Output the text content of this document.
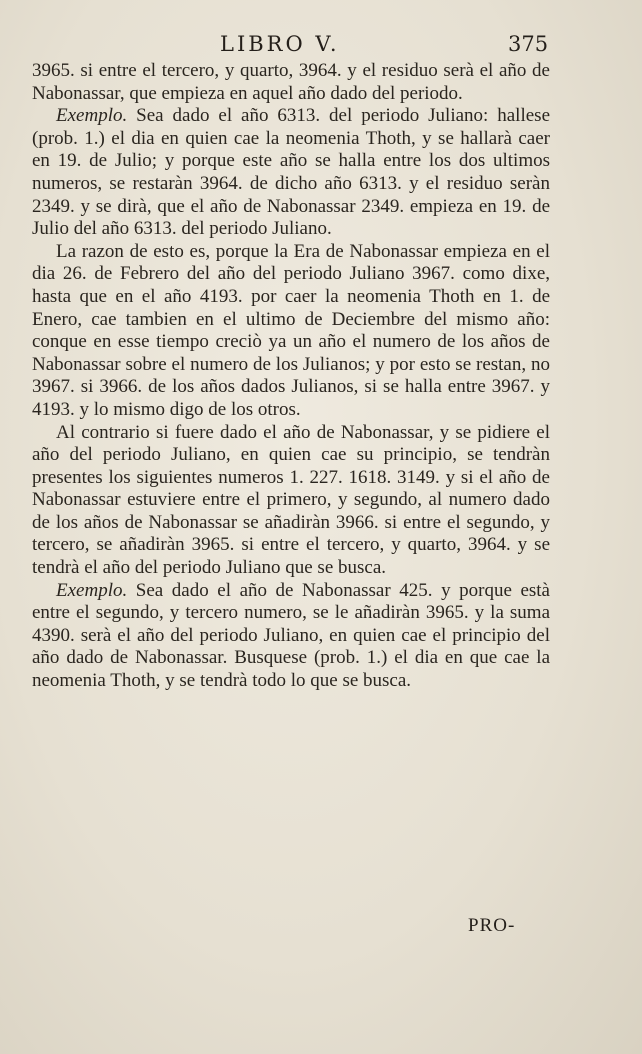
LIBRO V.	375

3965. si entre el tercero, y quarto, 3964. y el residuo serà el año de Nabonassar, que empieza en aquel año dado del periodo.

Exemplo. Sea dado el año 6313. del periodo Juliano: hallese (prob. 1.) el dia en quien cae la neomenia Thoth, y se hallarà caer en 19. de Julio; y porque este año se halla entre los dos ultimos numeros, se restaràn 3964. de dicho año 6313. y el residuo seràn 2349. y se dirà, que el año de Nabonassar 2349. empieza en 19. de Julio del año 6313. del periodo Juliano.

La razon de esto es, porque la Era de Nabonassar empieza en el dia 26. de Febrero del año del periodo Juliano 3967. como dixe, hasta que en el año 4193. por caer la neomenia Thoth en 1. de Enero, cae tambien en el ultimo de Deciembre del mismo año: conque en esse tiempo creciò ya un año el numero de los años de Nabonassar sobre el numero de los Julianos; y por esto se restan, no 3967. si 3966. de los años dados Julianos, si se halla entre 3967. y 4193. y lo mismo digo de los otros.

Al contrario si fuere dado el año de Nabonassar, y se pidiere el año del periodo Juliano, en quien cae su principio, se tendràn presentes los siguientes numeros 1. 227. 1618. 3149. y si el año de Nabonassar estuviere entre el primero, y segundo, al numero dado de los años de Nabonassar se añadiràn 3966. si entre el segundo, y tercero, se añadiràn 3965. si entre el tercero, y quarto, 3964. y se tendrà el año del periodo Juliano que se busca.

Exemplo. Sea dado el año de Nabonassar 425. y porque està entre el segundo, y tercero numero, se le añadiràn 3965. y la suma 4390. serà el año del periodo Juliano, en quien cae el principio del año dado de Nabonassar. Busquese (prob. 1.) el dia en que cae la neomenia Thoth, y se tendrà todo lo que se busca.

PRO-
